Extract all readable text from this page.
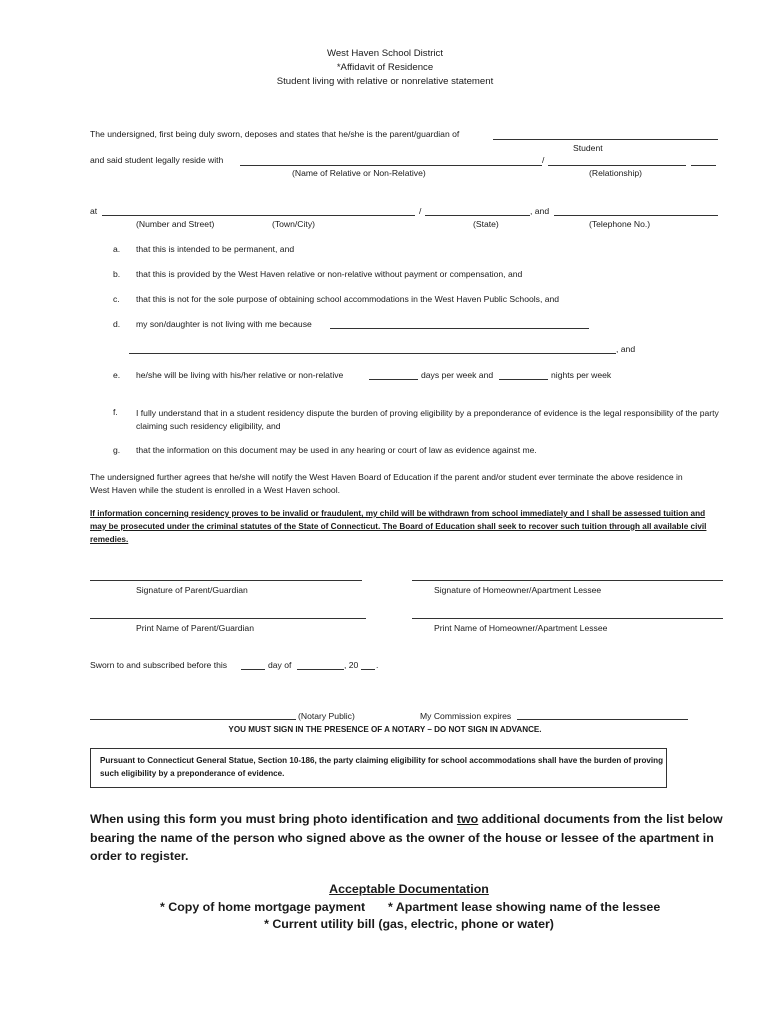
West Haven School District
*Affidavit of Residence
Student living with relative or nonrelative statement
The undersigned, first being duly sworn, deposes and states that he/she is the parent/guardian of
Student
and said student legally reside with	/
(Name of Relative or Non-Relative)	(Relationship)
at	/	, and
(Number and Street)	(Town/City)	(State)	(Telephone No.)
a. that this is intended to be permanent, and
b. that this is provided by the West Haven relative or non-relative without payment or compensation, and
c. that this is not for the sole purpose of obtaining school accommodations in the West Haven Public Schools, and
d. my son/daughter is not living with me because
, and
e. he/she will be living with his/her relative or non-relative	days per week and	nights per week
f. I fully understand that in a student residency dispute the burden of proving eligibility by a preponderance of evidence is the legal responsibility of the party claiming such residency eligibility, and
g. that the information on this document may be used in any hearing or court of law as evidence against me.
The undersigned further agrees that he/she will notify the West Haven Board of Education if the parent and/or student ever terminate the above residence in West Haven while the student is enrolled in a West Haven school.
If information concerning residency proves to be invalid or fraudulent, my child will be withdrawn from school immediately and I shall be assessed tuition and may be prosecuted under the criminal statutes of the State of Connecticut. The Board of Education shall seek to recover such tuition through all available civil remedies.
Signature of Parent/Guardian	Signature of Homeowner/Apartment Lessee
Print Name of Parent/Guardian	Print Name of Homeowner/Apartment Lessee
Sworn to and subscribed before this	day of	, 20 .
(Notary Public)	My Commission expires
YOU MUST SIGN IN THE PRESENCE OF A NOTARY – DO NOT SIGN IN ADVANCE.
Pursuant to Connecticut General Statue, Section 10-186, the party claiming eligibility for school accommodations shall have the burden of proving such eligibility by a preponderance of evidence.
When using this form you must bring photo identification and two additional documents from the list below bearing the name of the person who signed above as the owner of the house or lessee of the apartment in order to register.
Acceptable Documentation
* Copy of home mortgage payment * Apartment lease showing name of the lessee
* Current utility bill (gas, electric, phone or water)
